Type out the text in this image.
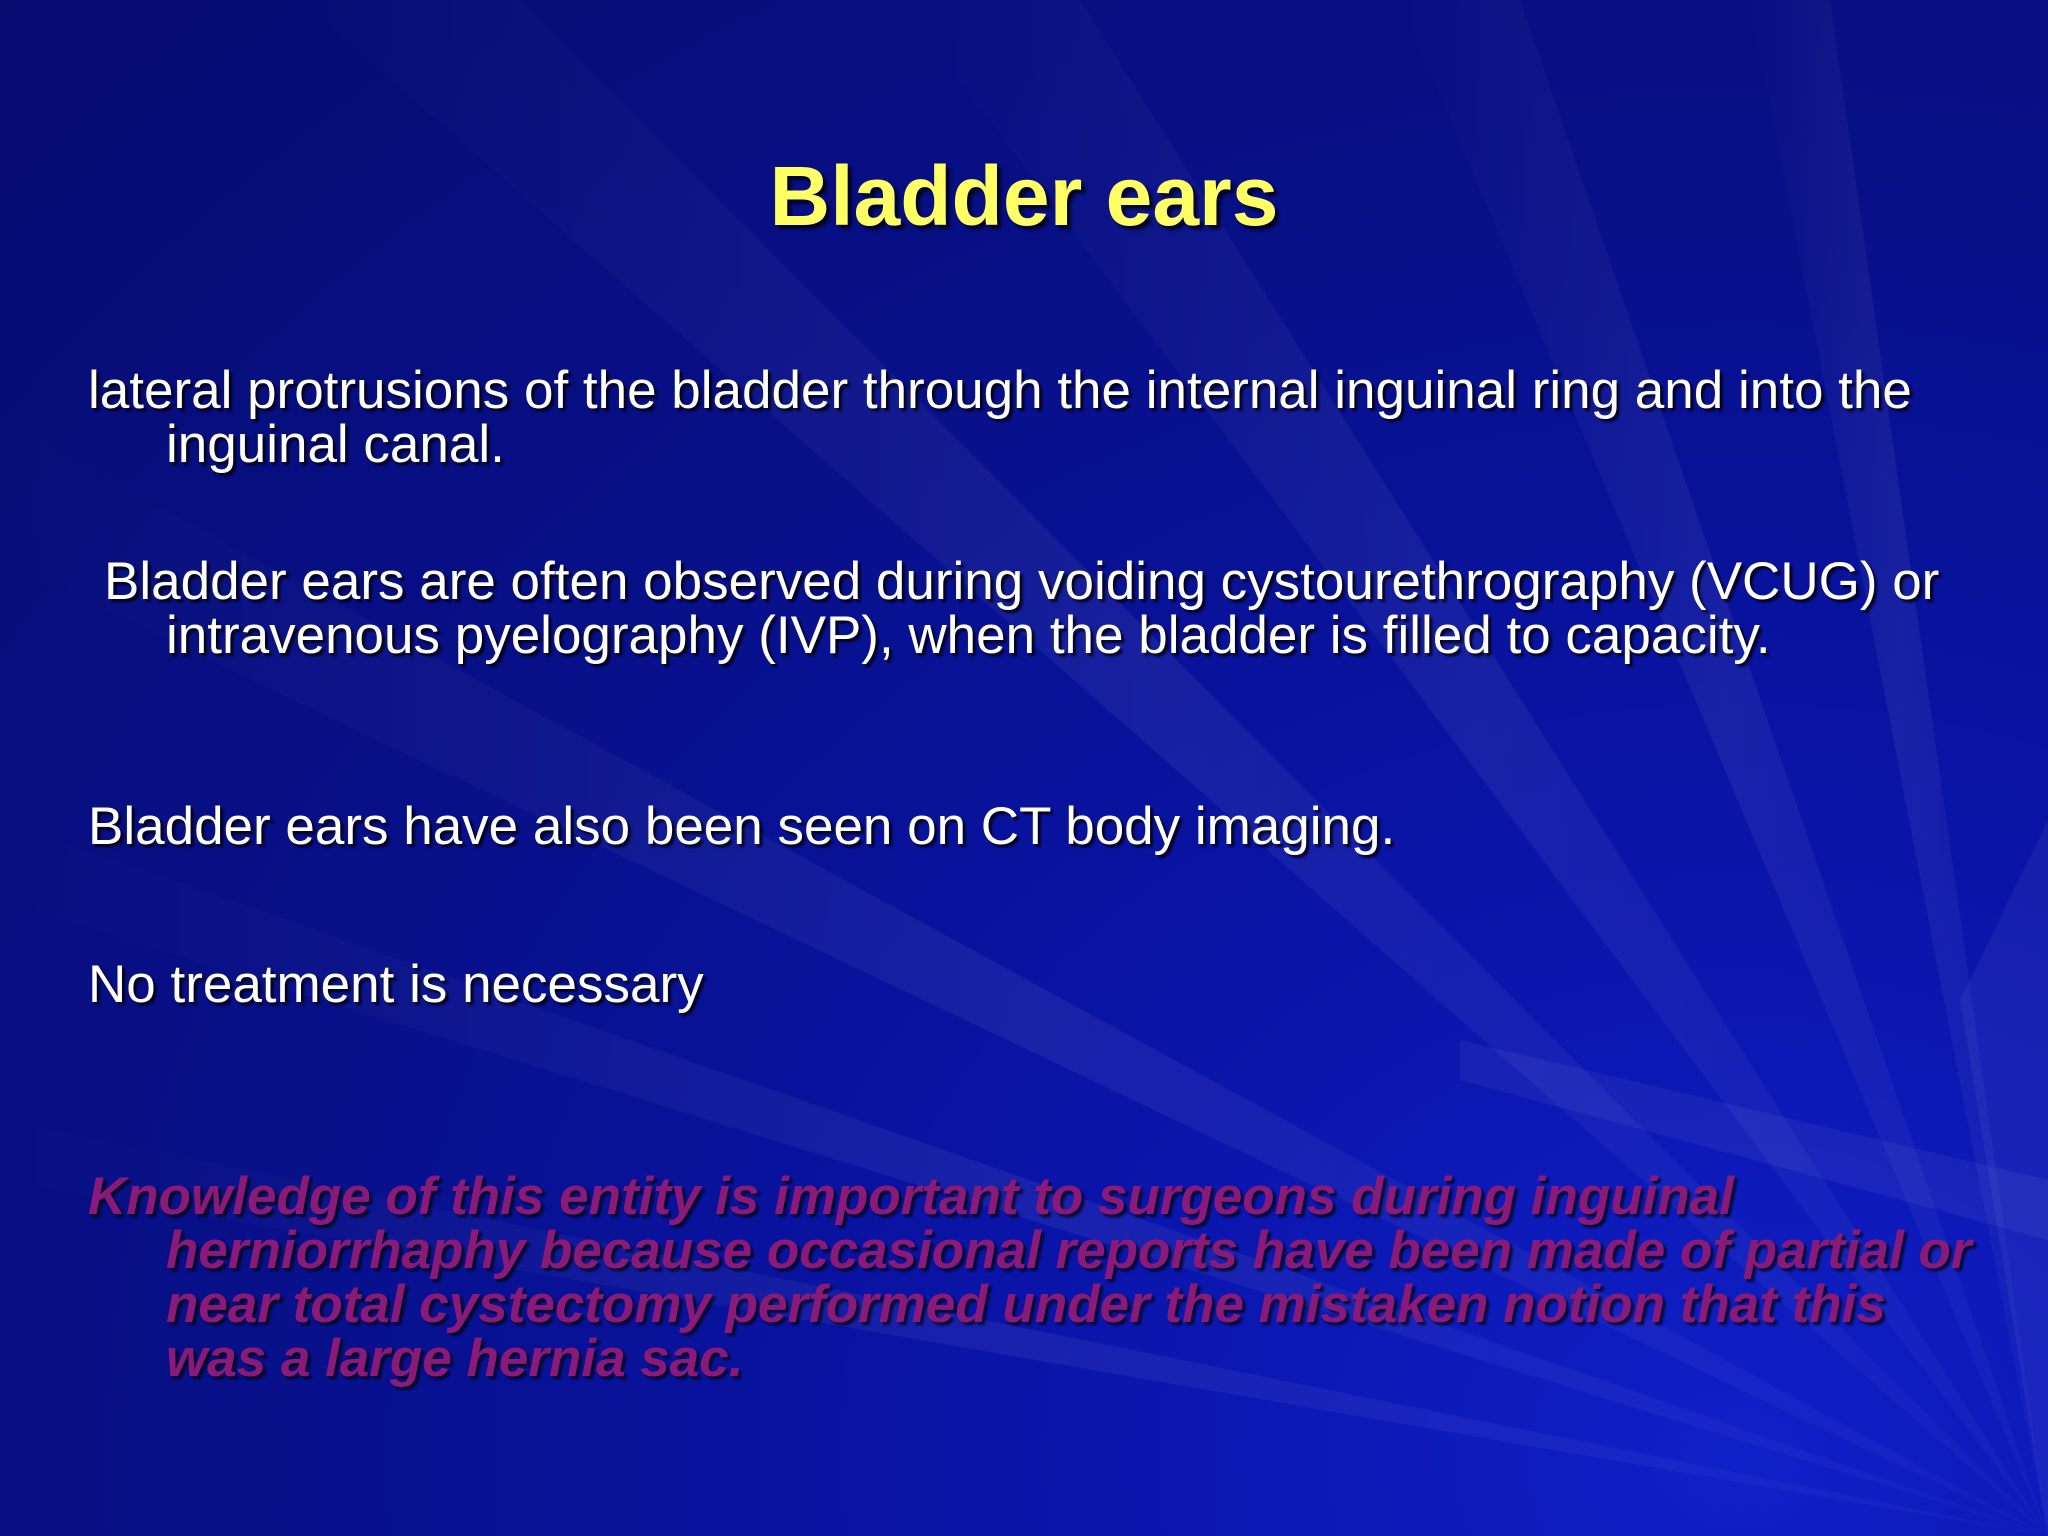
Bladder ears
lateral protrusions of the bladder through the internal inguinal ring and into the inguinal canal.
Bladder ears are often observed during voiding cystourethrography (VCUG) or intravenous pyelography (IVP), when the bladder is filled to capacity.
Bladder ears have also been seen on CT body imaging.
No treatment is necessary
Knowledge of this entity is important to surgeons during inguinal herniorrhaphy because occasional reports have been made of partial or near total cystectomy performed under the mistaken notion that this was a large hernia sac.
